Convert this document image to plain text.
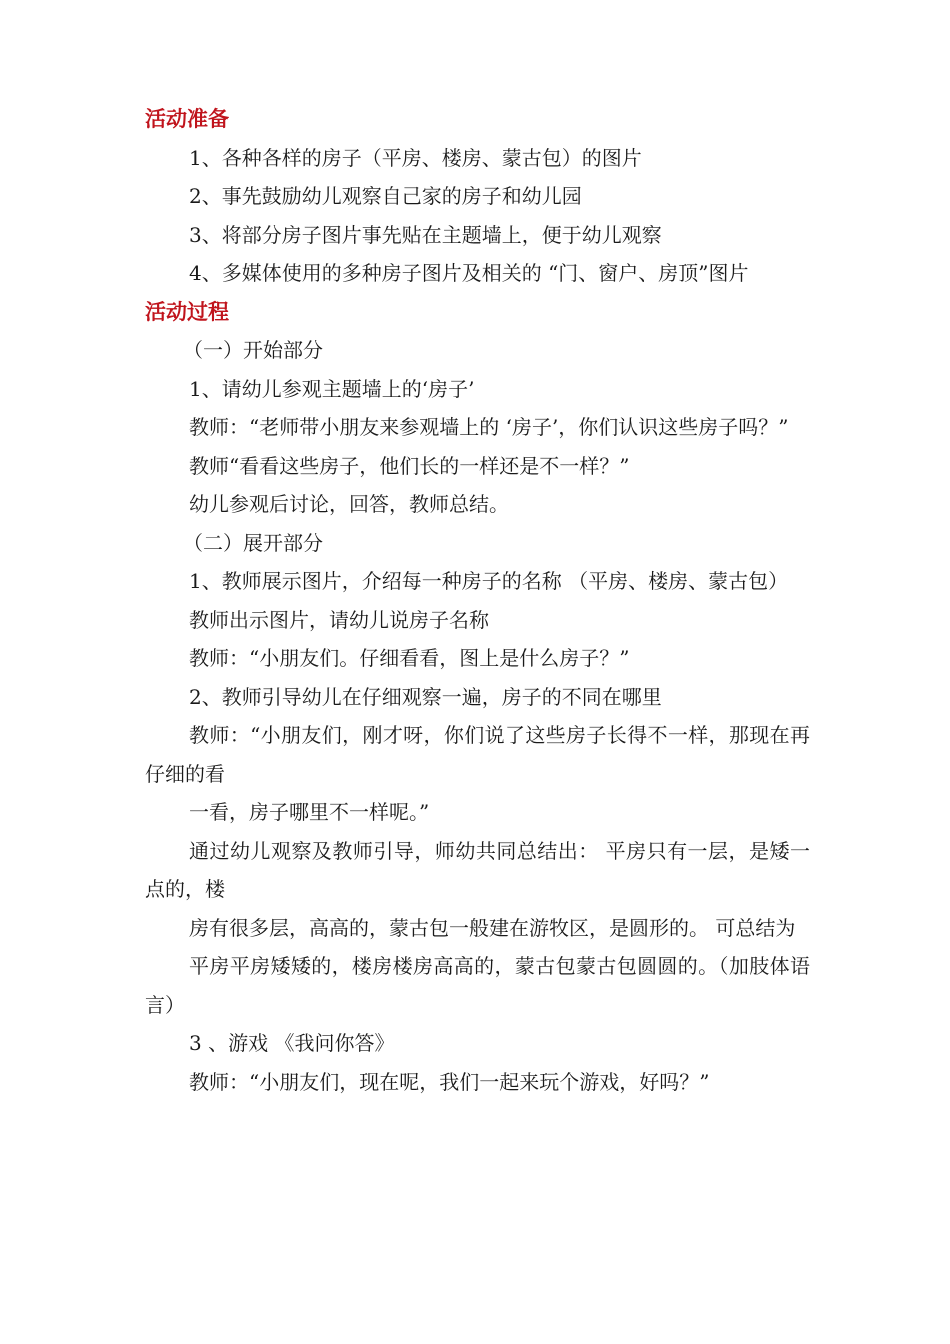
活动准备
1、各种各样的房子（平房、楼房、蒙古包）的图片
2、事先鼓励幼儿观察自己家的房子和幼儿园
3、将部分房子图片事先贴在主题墙上，便于幼儿观察
4、多媒体使用的多种房子图片及相关的 “门、窗户、房顶”图片
活动过程
（一）开始部分
1、请幼儿参观主题墙上的‘房子’
教师：“老师带小朋友来参观墙上的 ‘房子’，你们认识这些房子吗？”
教师“看看这些房子，他们长的一样还是不一样？”
幼儿参观后讨论，回答，教师总结。
（二）展开部分
1、教师展示图片，介绍每一种房子的名称 （平房、楼房、蒙古包）
教师出示图片，请幼儿说房子名称
教师：“小朋友们。仔细看看，图上是什么房子？”
2、教师引导幼儿在仔细观察一遍，房子的不同在哪里
教师：“小朋友们，刚才呀，你们说了这些房子长得不一样，那现在再仔细的看
一看，房子哪里不一样呢。”
通过幼儿观察及教师引导，师幼共同总结出： 平房只有一层，是矮一点的，楼
房有很多层，高高的，蒙古包一般建在游牧区，是圆形的。 可总结为
平房平房矮矮的，楼房楼房高高的，蒙古包蒙古包圆圆的。（加肢体语言）
3 、游戏 《我问你答》
教师：“小朋友们，现在呢，我们一起来玩个游戏，好吗？”
